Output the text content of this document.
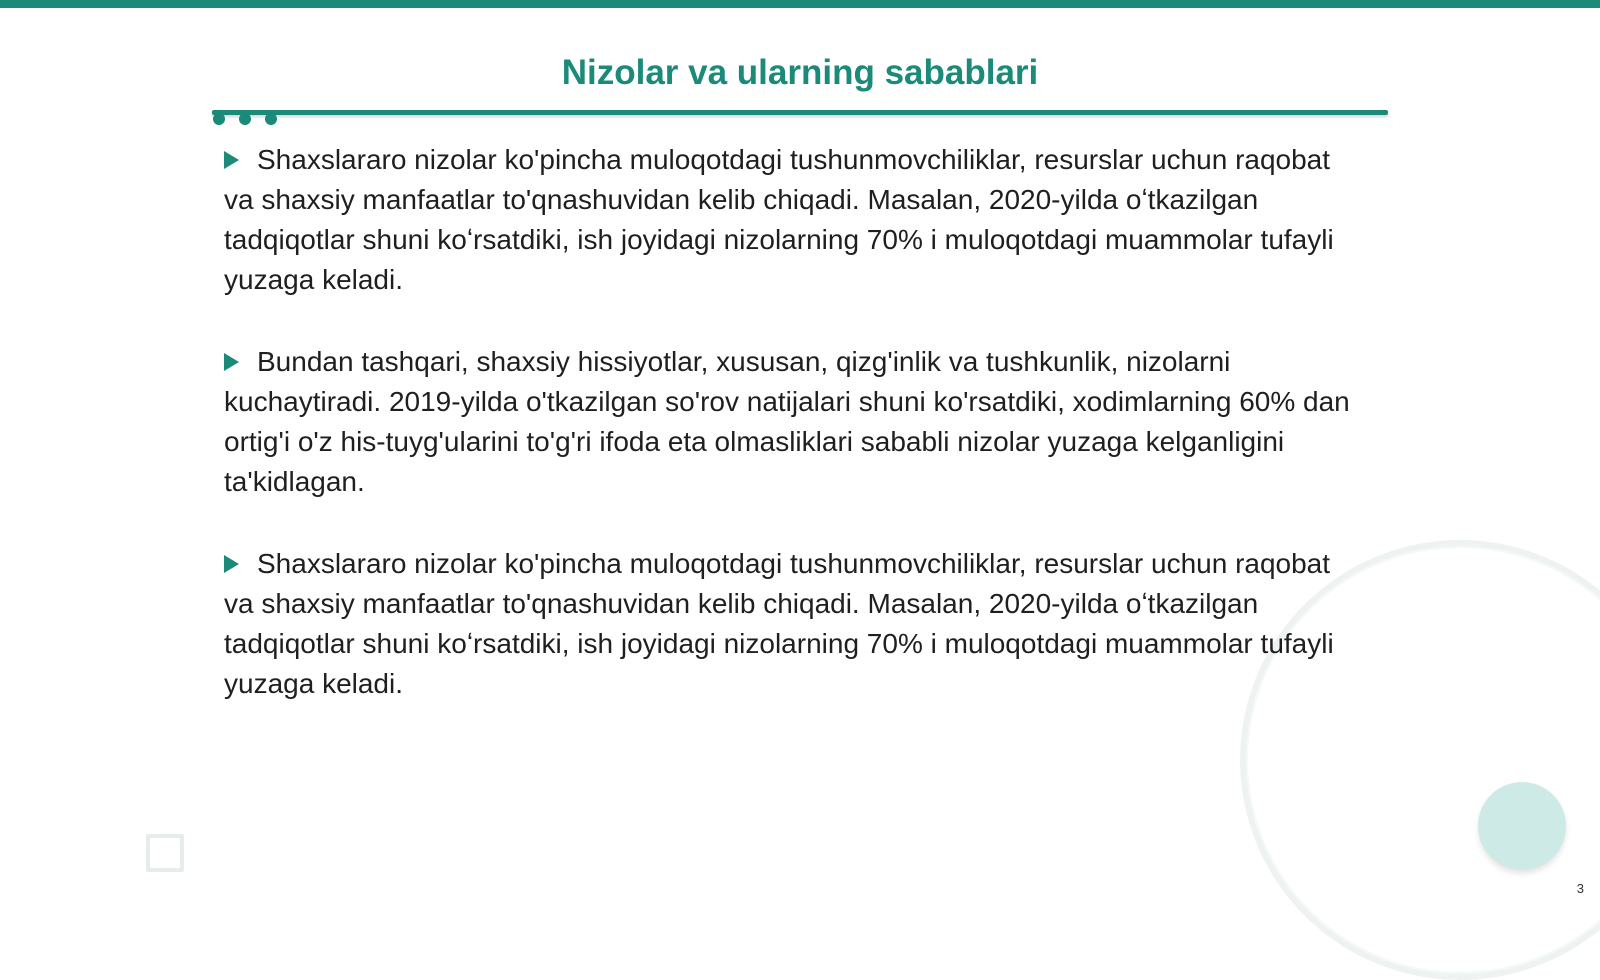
Nizolar va ularning sabablari

Shaxslararo nizolar ko'pincha muloqotdagi tushunmovchiliklar, resurslar uchun raqobat va shaxsiy manfaatlar to'qnashuvidan kelib chiqadi. Masalan, 2020-yilda oʻtkazilgan tadqiqotlar shuni koʻrsatdiki, ish joyidagi nizolarning 70% i muloqotdagi muammolar tufayli yuzaga keladi.

Bundan tashqari, shaxsiy hissiyotlar, xususan, qizg'inlik va tushkunlik, nizolarni kuchaytiradi. 2019-yilda o'tkazilgan so'rov natijalari shuni ko'rsatdiki, xodimlarning 60% dan ortig'i o'z his-tuyg'ularini to'g'ri ifoda eta olmasliklari sababli nizolar yuzaga kelganligini ta'kidlagan.

Shaxslararo nizolar ko'pincha muloqotdagi tushunmovchiliklar, resurslar uchun raqobat va shaxsiy manfaatlar to'qnashuvidan kelib chiqadi. Masalan, 2020-yilda oʻtkazilgan tadqiqotlar shuni koʻrsatdiki, ish joyidagi nizolarning 70% i muloqotdagi muammolar tufayli yuzaga keladi.

3
